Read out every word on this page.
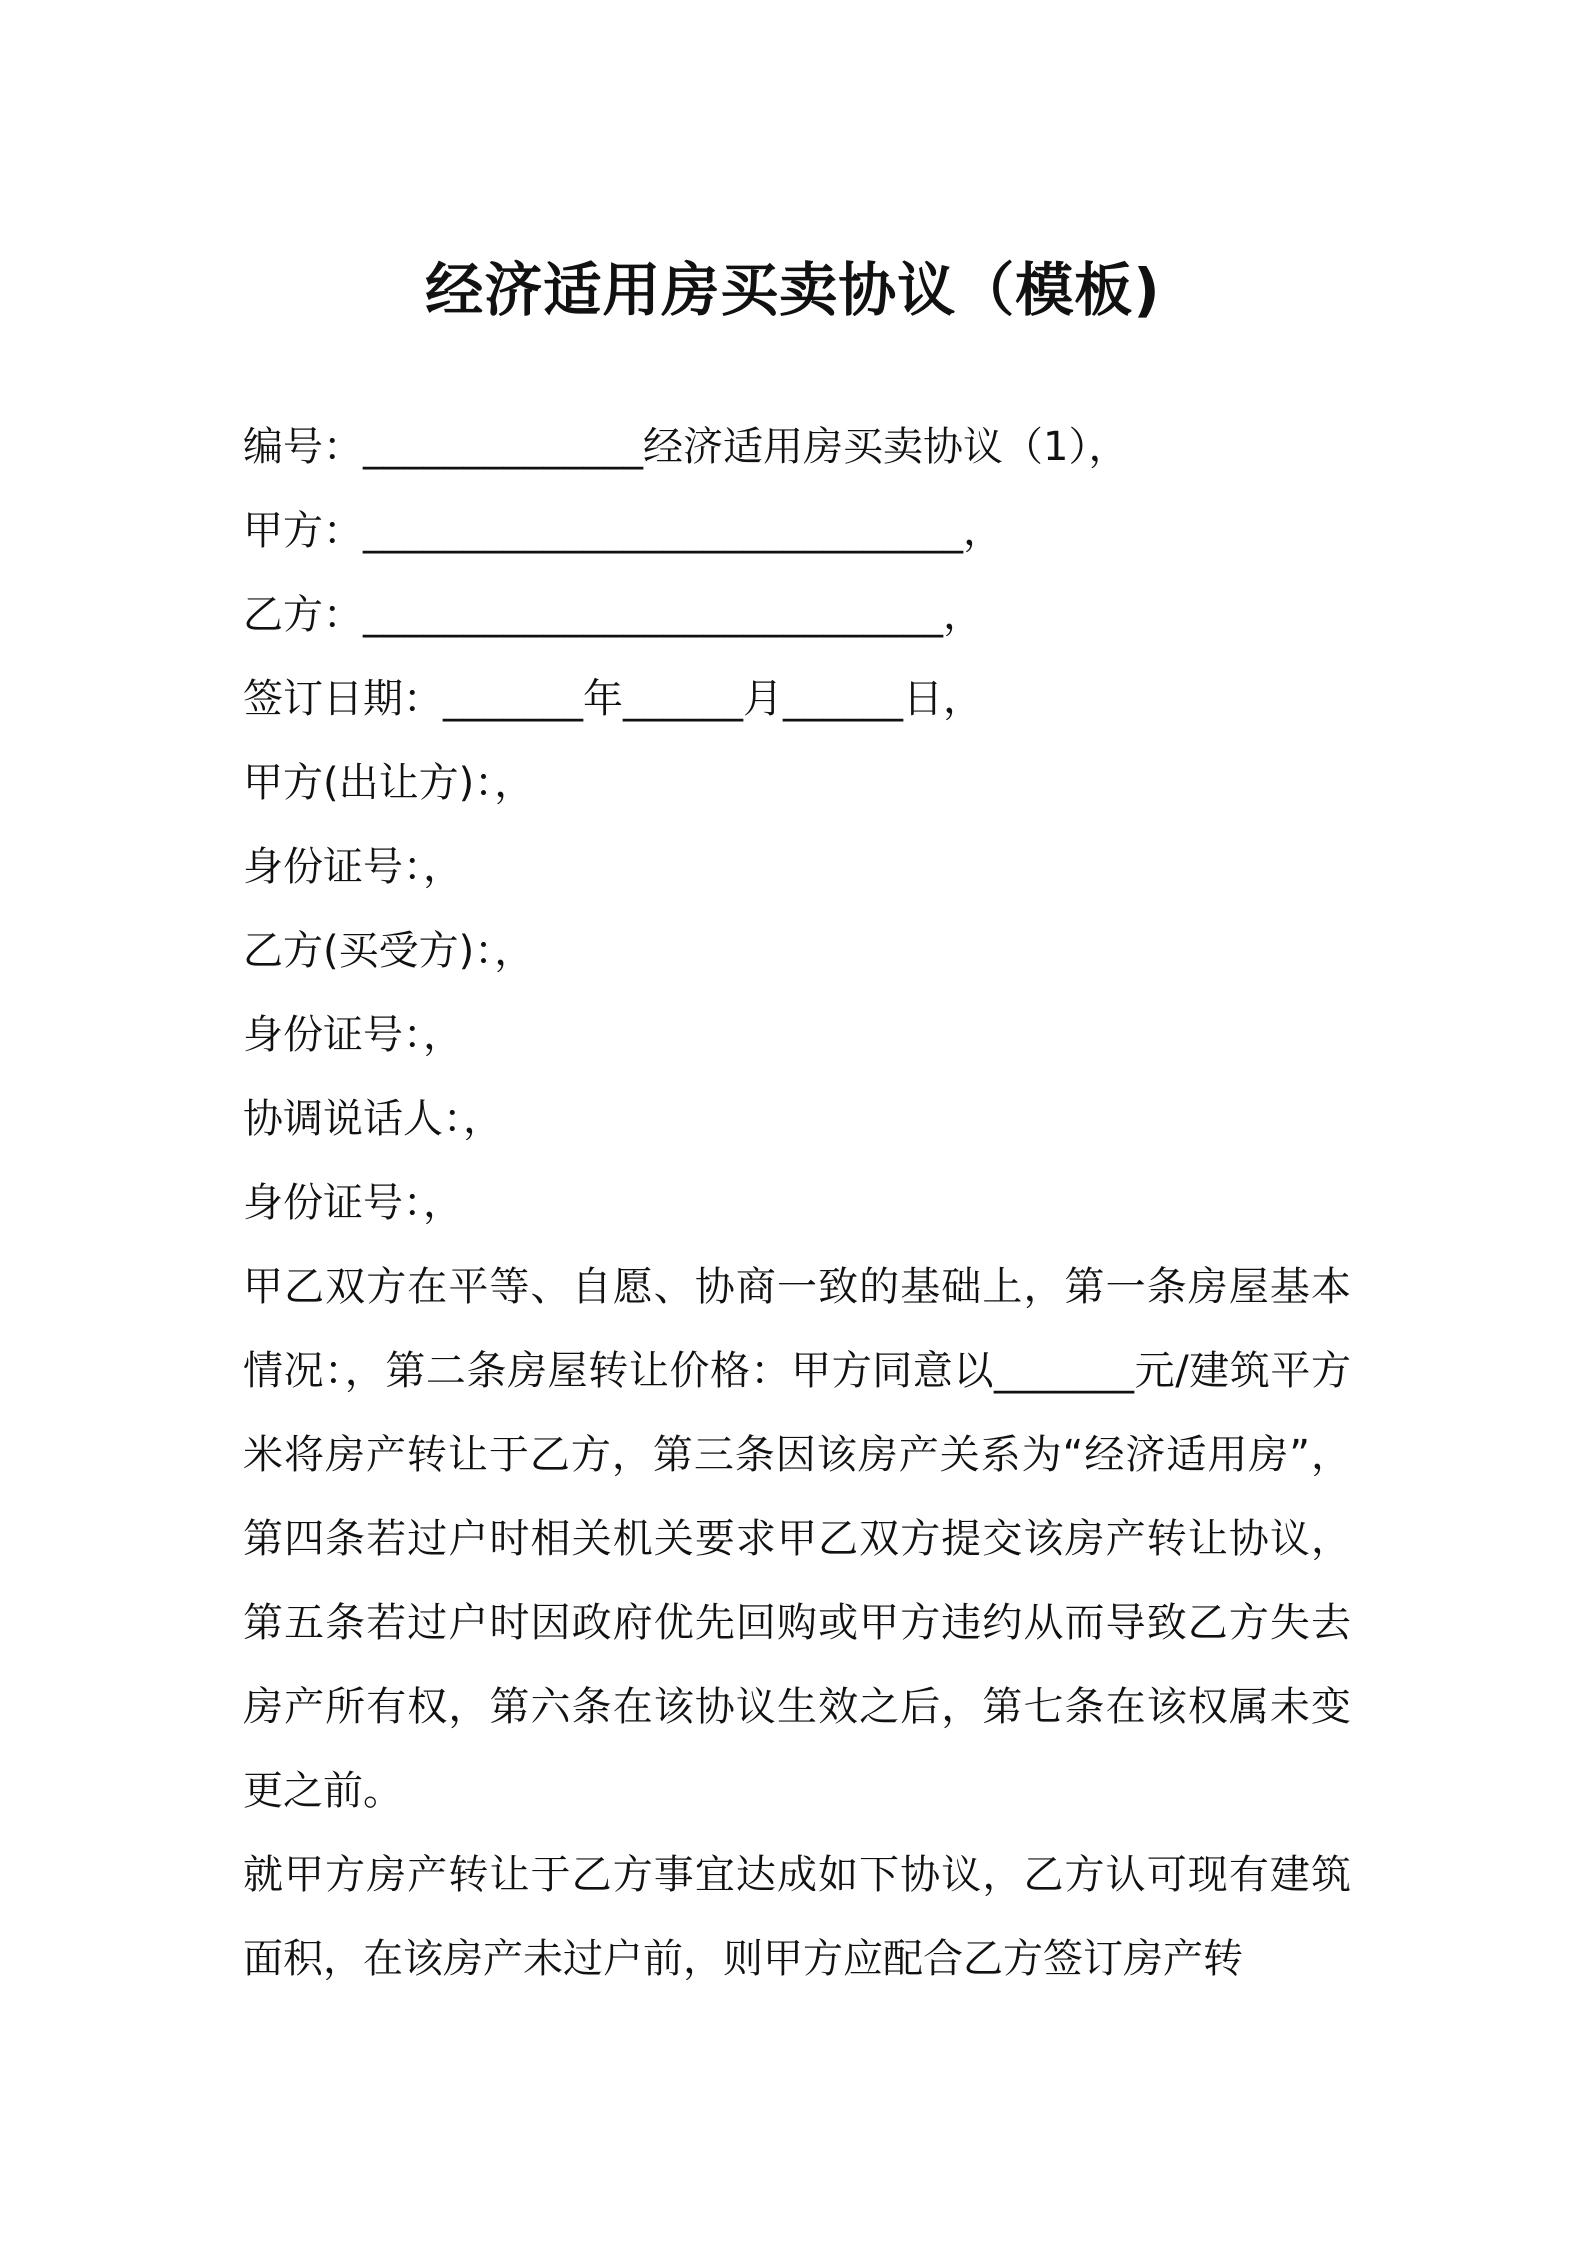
经济适用房买卖协议（模板)

编号：______________经济适用房买卖协议（1），

甲方：______________________________，

乙方：_____________________________，

签订日期：_______年______月______日，

甲方(出让方)：，

身份证号：，

乙方(买受方)：，

身份证号：，

协调说话人：，

身份证号：，

甲乙双方在平等、自愿、协商一致的基础上，第一条房屋基本情况：，第二条房屋转让价格：甲方同意以_______元/建筑平方米将房产转让于乙方，第三条因该房产关系为“经济适用房”，第四条若过户时相关机关要求甲乙双方提交该房产转让协议，第五条若过户时因政府优先回购或甲方违约从而导致乙方失去房产所有权，第六条在该协议生效之后，第七条在该权属未变更之前。

就甲方房产转让于乙方事宜达成如下协议，乙方认可现有建筑面积，在该房产未过户前，则甲方应配合乙方签订房产转
